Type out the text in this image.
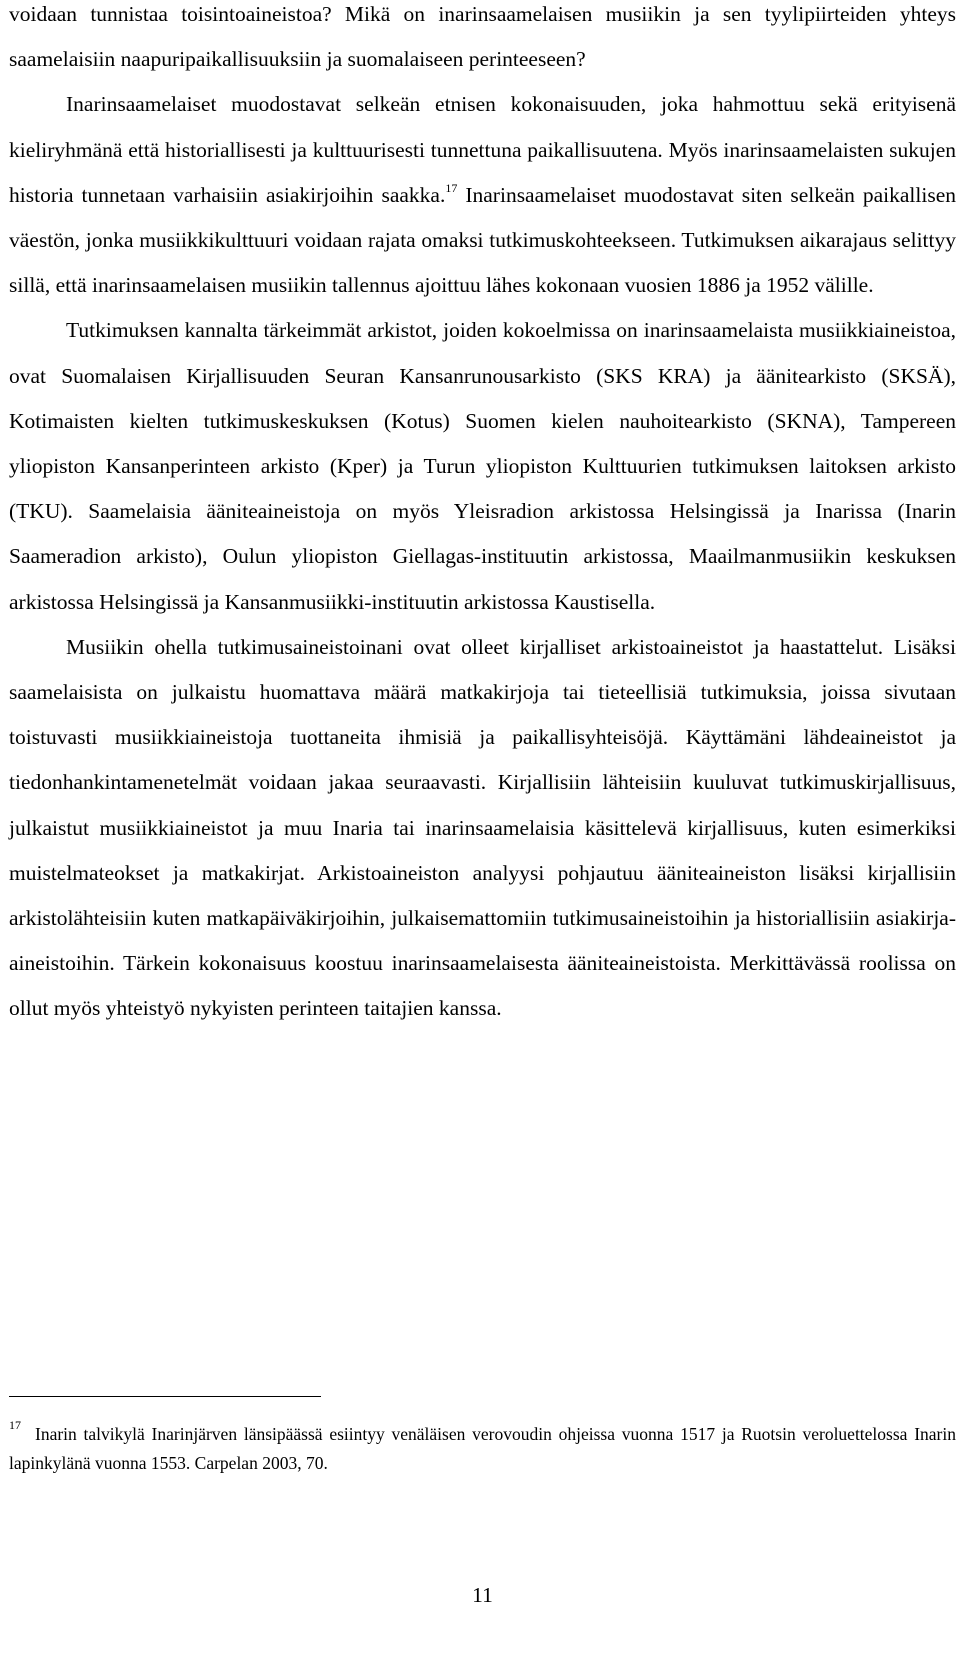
voidaan tunnistaa toisintoaineistoa? Mikä on inarinsaamelaisen musiikin ja sen tyylipiirteiden yhteys saamelaisiin naapuripaikallisuuksiin ja suomalaiseen perinteeseen?

Inarinsaamelaiset muodostavat selkeän etnisen kokonaisuuden, joka hahmottuu sekä erityisenä kieliryhmänä että historiallisesti ja kulttuurisesti tunnettuna paikallisuutena. Myös inarinsaamelaisten sukujen historia tunnetaan varhaisiin asiakirjoihin saakka.$^{17}$ Inarinsaamelaiset muodostavat siten selkeän paikallisen väestön, jonka musiikkikulttuuri voidaan rajata omaksi tutkimuskohteekseen. Tutkimuksen aikarajaus selittyy sillä, että inarinsaamelaisen musiikin tallennus ajoittuu lähes kokonaan vuosien 1886 ja 1952 välille.

Tutkimuksen kannalta tärkeimmät arkistot, joiden kokoelmissa on inarinsaamelaista musiikkiaineistoa, ovat Suomalaisen Kirjallisuuden Seuran Kansanrunousarkisto (SKS KRA) ja äänitearkisto (SKSÄ), Kotimaisten kielten tutkimuskeskuksen (Kotus) Suomen kielen nauhoitearkisto (SKNA), Tampereen yliopiston Kansanperinteen arkisto (Kper) ja Turun yliopiston Kulttuurien tutkimuksen laitoksen arkisto (TKU). Saamelaisia ääniteaineistoja on myös Yleisradion arkistossa Helsingissä ja Inarissa (Inarin Saameradion arkisto), Oulun yliopiston Giellagas-instituutin arkistossa, Maailmanmusiikin keskuksen arkistossa Helsingissä ja Kansanmusiikki-instituutin arkistossa Kaustisella.

Musiikin ohella tutkimusaineistoinani ovat olleet kirjalliset arkistoaineistot ja haastattelut. Lisäksi saamelaisista on julkaistu huomattava määrä matkakirjoja tai tieteellisiä tutkimuksia, joissa sivutaan toistuvasti musiikkiaineistoja tuottaneita ihmisiä ja paikallisyhteisöjä. Käyttämäni lähdeaineistot ja tiedonhankintamenetelmät voidaan jakaa seuraavasti. Kirjallisiin lähteisiin kuuluvat tutkimuskirjallisuus, julkaistut musiikkiaineistot ja muu Inaria tai inarinsaamelaisia käsittelevä kirjallisuus, kuten esimerkiksi muistelmateokset ja matkakirjat. Arkistoaineiston analyysi pohjautuu ääniteaineiston lisäksi kirjallisiin arkistolähteisiin kuten matkapäiväkirjoihin, julkaisemattomiin tutkimusaineistoihin ja historiallisiin asiakirja-aineistoihin. Tärkein kokonaisuus koostuu inarinsaamelaisesta ääniteaineistoista. Merkittävässä roolissa on ollut myös yhteistyö nykyisten perinteen taitajien kanssa.

$^{17}$ Inarin talvikylä Inarinjärven länsipäässä esiintyy venäläisen verovoudin ohjeissa vuonna 1517 ja Ruotsin veroluettelossa Inarin lapinkylänä vuonna 1553. Carpelan 2003, 70.

11
